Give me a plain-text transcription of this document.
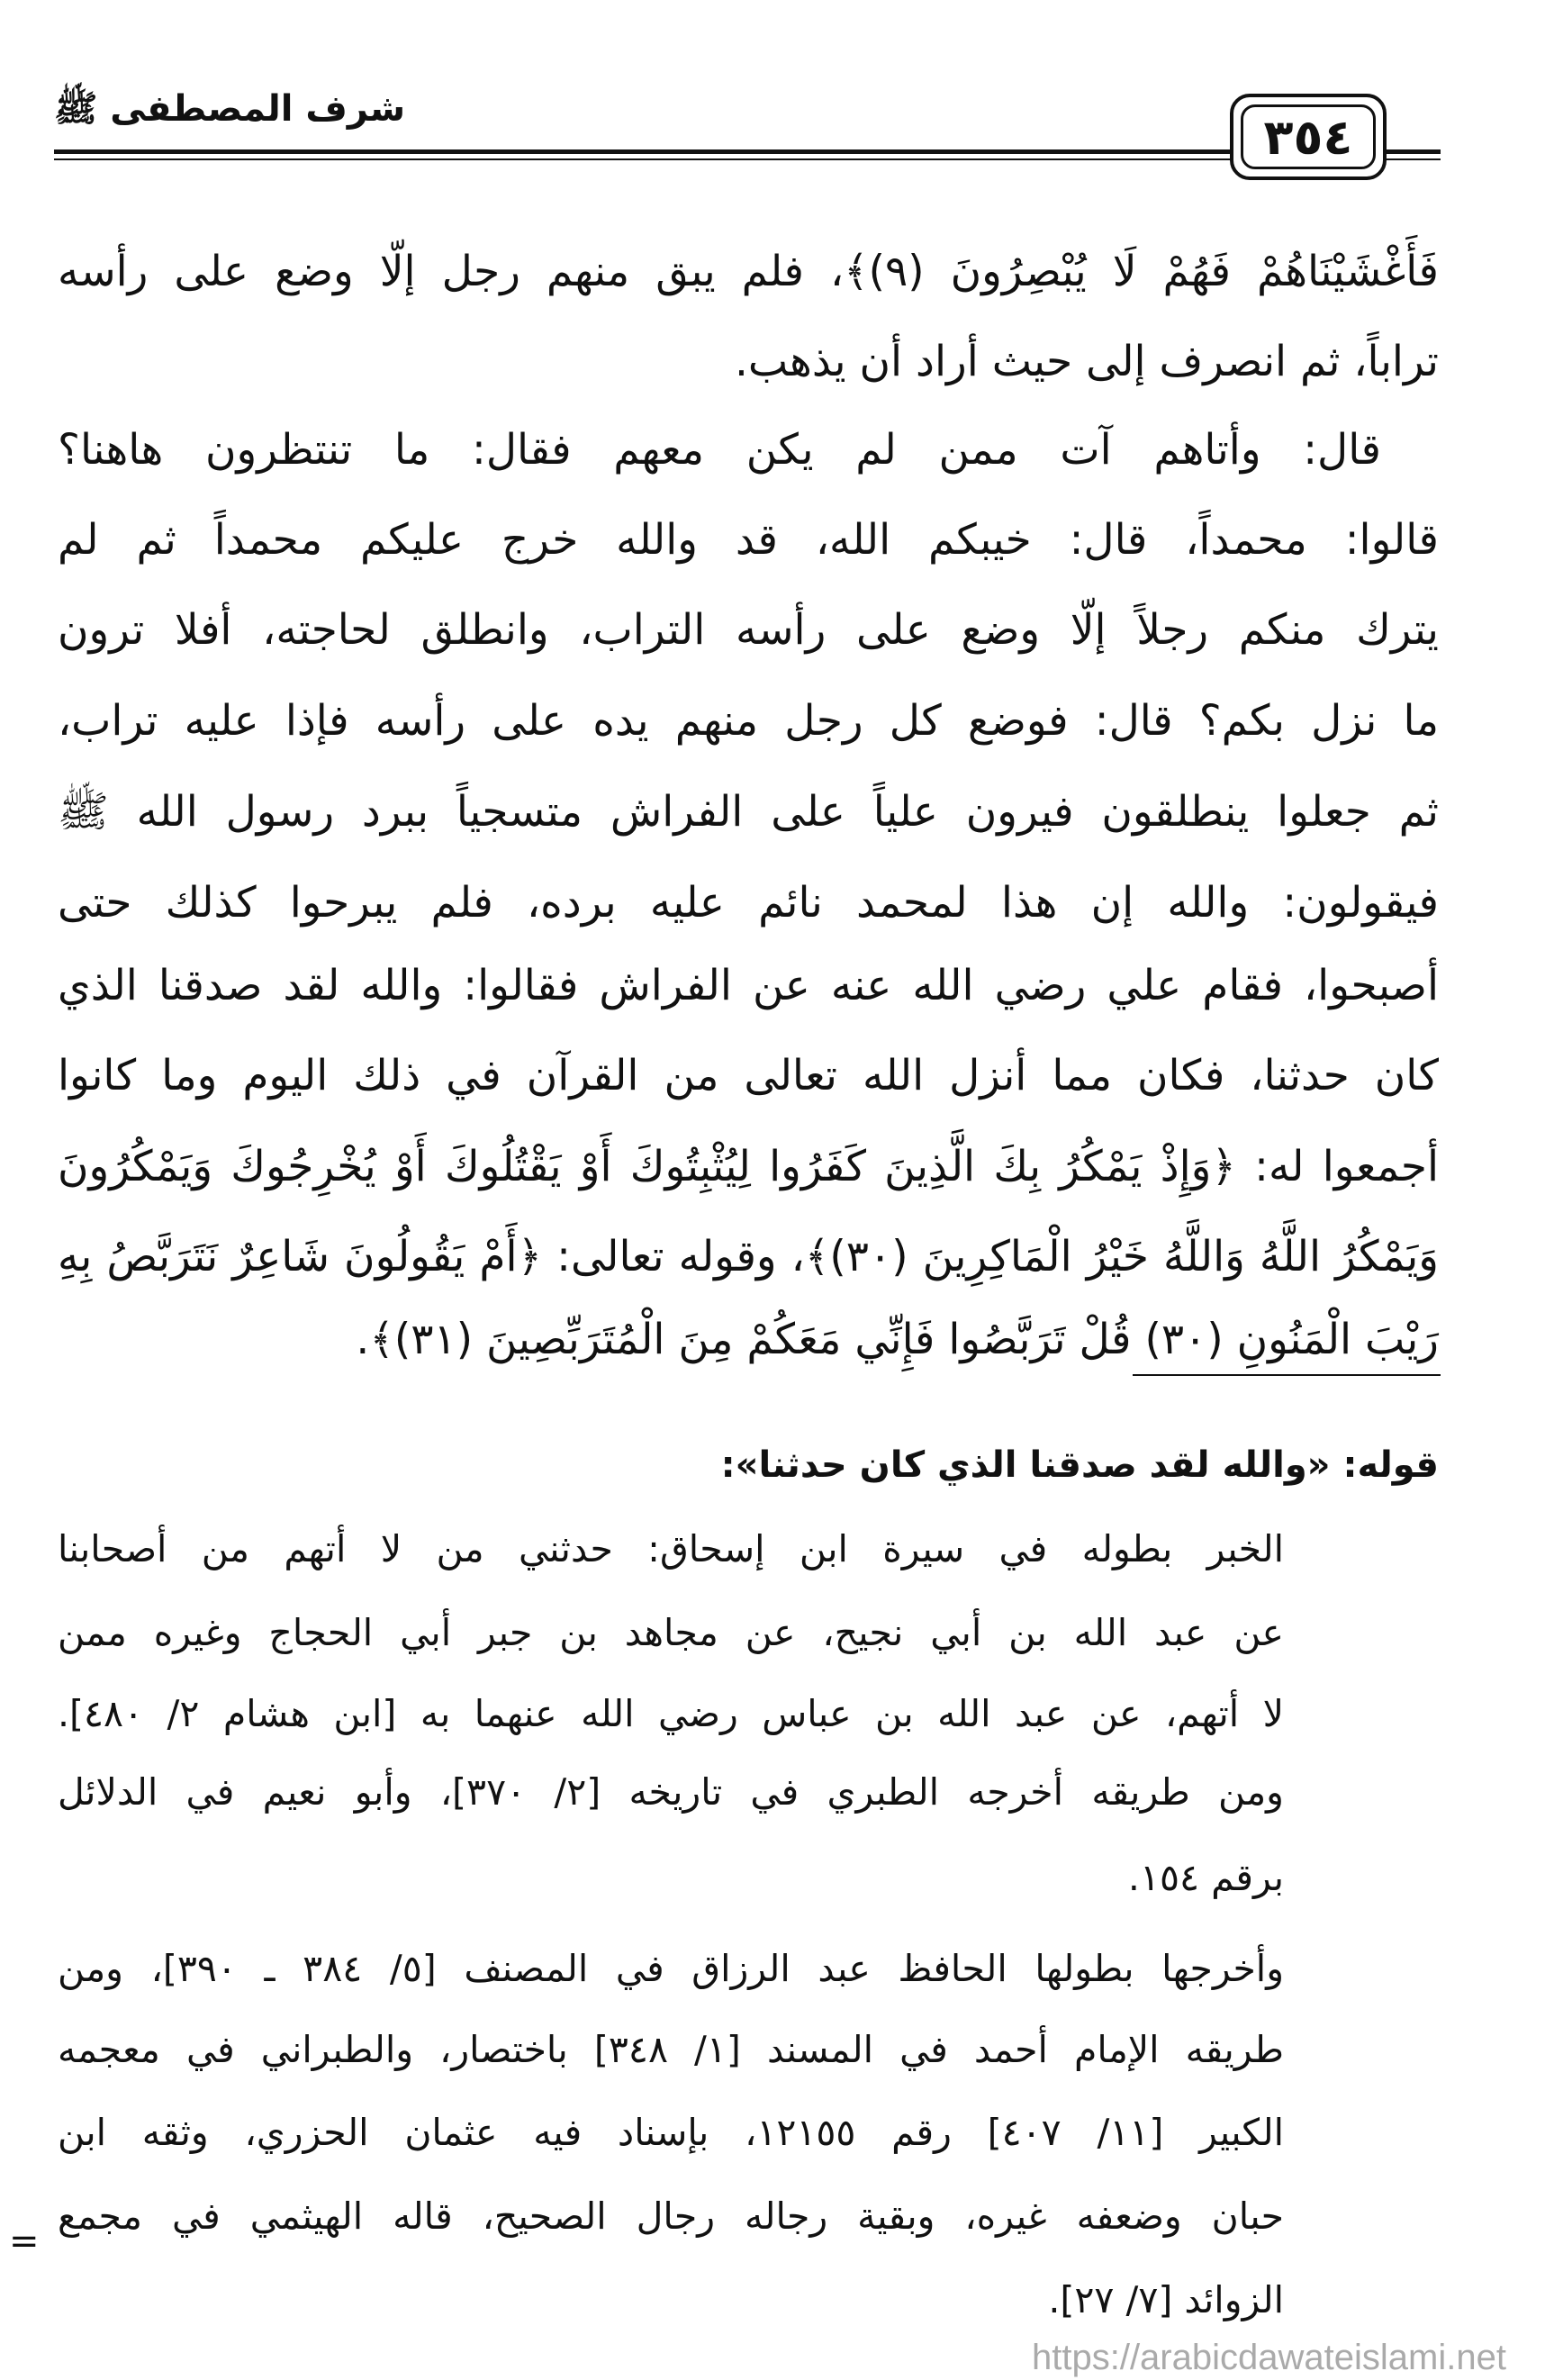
شرف المصطفى ﷺ	٣٥٤
فَأَغْشَيْنَاهُمْ فَهُمْ لَا يُبْصِرُونَ (٩)﴾، فلم يبق منهم رجل إلّا وضع على رأسه
تراباً، ثم انصرف إلى حيث أراد أن يذهب.
قال: وأتاهم آت ممن لم يكن معهم فقال: ما تنتظرون هاهنا؟
قالوا: محمداً، قال: خيبكم الله، قد والله خرج عليكم محمداً ثم لم
يترك منكم رجلاً إلّا وضع على رأسه التراب، وانطلق لحاجته، أفلا ترون
ما نزل بكم؟ قال: فوضع كل رجل منهم يده على رأسه فإذا عليه تراب،
ثم جعلوا ينطلقون فيرون علياً على الفراش متسجياً ببرد رسول الله ﷺ
فيقولون: والله إن هذا لمحمد نائم عليه برده، فلم يبرحوا كذلك حتى
أصبحوا، فقام علي رضي الله عنه عن الفراش فقالوا: والله لقد صدقنا الذي
كان حدثنا، فكان مما أنزل الله تعالى من القرآن في ذلك اليوم وما كانوا
أجمعوا له: ﴿وَإِذْ يَمْكُرُ بِكَ الَّذِينَ كَفَرُوا لِيُثْبِتُوكَ أَوْ يَقْتُلُوكَ أَوْ يُخْرِجُوكَ وَيَمْكُرُونَ
وَيَمْكُرُ اللَّهُ وَاللَّهُ خَيْرُ الْمَاكِرِينَ (٣٠)﴾، وقوله تعالى: ﴿أَمْ يَقُولُونَ شَاعِرٌ نَتَرَبَّصُ بِهِ
رَيْبَ الْمَنُونِ (٣٠) قُلْ تَرَبَّصُوا فَإِنِّي مَعَكُمْ مِنَ الْمُتَرَبِّصِينَ (٣١)﴾.
قوله: «والله لقد صدقنا الذي كان حدثنا»:
الخبر بطوله في سيرة ابن إسحاق: حدثني من لا أتهم من أصحابنا
عن عبد الله بن أبي نجيح، عن مجاهد بن جبر أبي الحجاج وغيره ممن
لا أتهم، عن عبد الله بن عباس رضي الله عنهما به [ابن هشام ٢/ ٤٨٠].
ومن طريقه أخرجه الطبري في تاريخه [٢/ ٣٧٠]، وأبو نعيم في الدلائل
برقم ١٥٤.
وأخرجها بطولها الحافظ عبد الرزاق في المصنف [٥/ ٣٨٤ ـ ٣٩٠]، ومن
طريقه الإمام أحمد في المسند [١/ ٣٤٨] باختصار، والطبراني في معجمه
الكبير [١١/ ٤٠٧] رقم ١٢١٥٥، بإسناد فيه عثمان الحزري، وثقه ابن
حبان وضعفه غيره، وبقية رجاله رجال الصحيح، قاله الهيثمي في مجمع
الزوائد [٧/ ٢٧].
=
https://arabicdawateislami.net
